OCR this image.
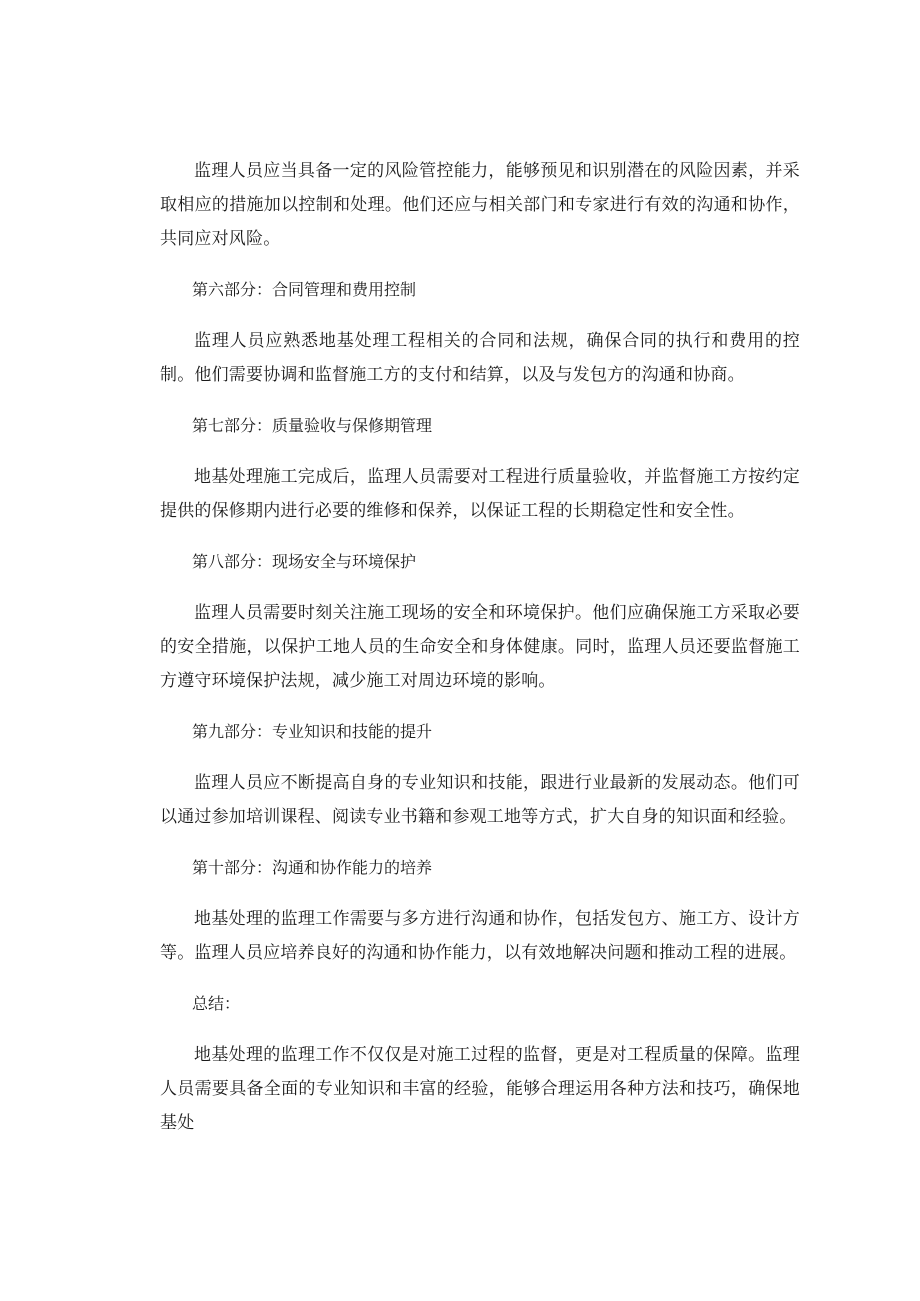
监理人员应当具备一定的风险管控能力，能够预见和识别潜在的风险因素，并采取相应的措施加以控制和处理。他们还应与相关部门和专家进行有效的沟通和协作，共同应对风险。

第六部分：合同管理和费用控制

监理人员应熟悉地基处理工程相关的合同和法规，确保合同的执行和费用的控制。他们需要协调和监督施工方的支付和结算，以及与发包方的沟通和协商。

第七部分：质量验收与保修期管理

地基处理施工完成后，监理人员需要对工程进行质量验收，并监督施工方按约定提供的保修期内进行必要的维修和保养，以保证工程的长期稳定性和安全性。

第八部分：现场安全与环境保护

监理人员需要时刻关注施工现场的安全和环境保护。他们应确保施工方采取必要的安全措施，以保护工地人员的生命安全和身体健康。同时，监理人员还要监督施工方遵守环境保护法规，减少施工对周边环境的影响。

第九部分：专业知识和技能的提升

监理人员应不断提高自身的专业知识和技能，跟进行业最新的发展动态。他们可以通过参加培训课程、阅读专业书籍和参观工地等方式，扩大自身的知识面和经验。

第十部分：沟通和协作能力的培养

地基处理的监理工作需要与多方进行沟通和协作，包括发包方、施工方、设计方等。监理人员应培养良好的沟通和协作能力，以有效地解决问题和推动工程的进展。

总结：

地基处理的监理工作不仅仅是对施工过程的监督，更是对工程质量的保障。监理人员需要具备全面的专业知识和丰富的经验，能够合理运用各种方法和技巧，确保地基处
